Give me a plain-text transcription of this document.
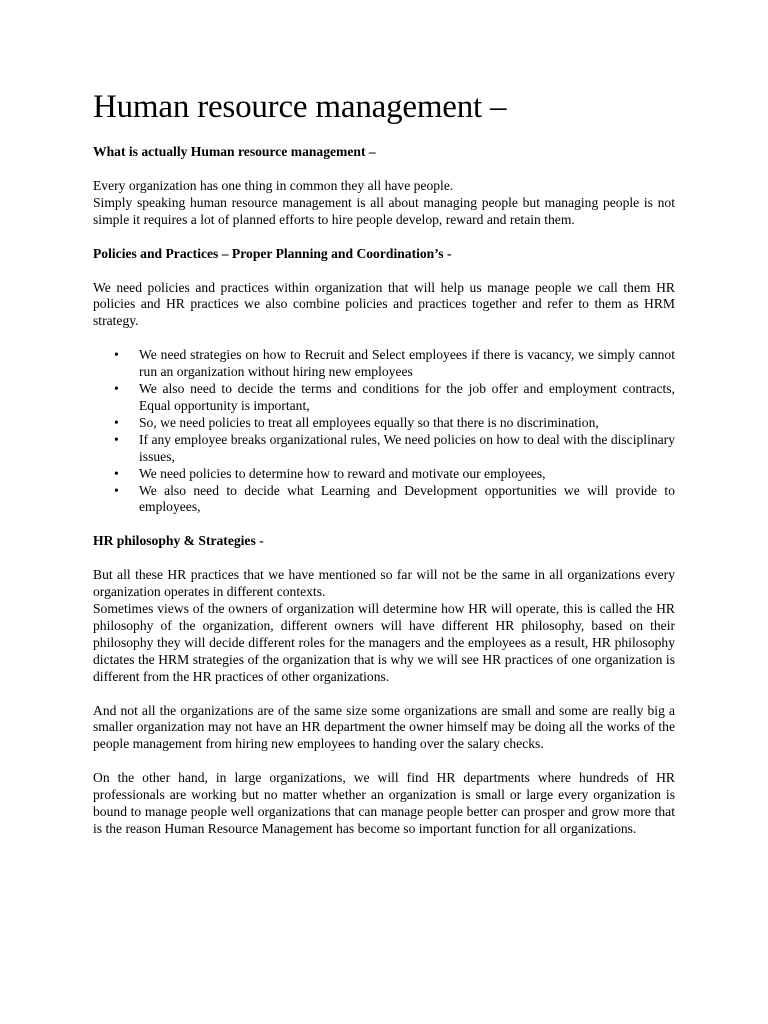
Human resource management –

What is actually Human resource management –

Every organization has one thing in common they all have people.

Simply speaking human resource management is all about managing people but managing people is not simple it requires a lot of planned efforts to hire people develop, reward and retain them.

Policies and Practices – Proper Planning and Coordination’s -

We need policies and practices within organization that will help us manage people we call them HR policies and HR practices we also combine policies and practices together and refer to them as HRM strategy.

• We need strategies on how to Recruit and Select employees if there is vacancy, we simply cannot run an organization without hiring new employees
• We also need to decide the terms and conditions for the job offer and employment contracts, Equal opportunity is important,
• So, we need policies to treat all employees equally so that there is no discrimination,
• If any employee breaks organizational rules, We need policies on how to deal with the disciplinary issues,
• We need policies to determine how to reward and motivate our employees,
• We also need to decide what Learning and Development opportunities we will provide to employees,

HR philosophy & Strategies -

But all these HR practices that we have mentioned so far will not be the same in all organizations every organization operates in different contexts.

Sometimes views of the owners of organization will determine how HR will operate, this is called the HR philosophy of the organization, different owners will have different HR philosophy, based on their philosophy they will decide different roles for the managers and the employees as a result, HR philosophy dictates the HRM strategies of the organization that is why we will see HR practices of one organization is different from the HR practices of other organizations.

And not all the organizations are of the same size some organizations are small and some are really big a smaller organization may not have an HR department the owner himself may be doing all the works of the people management from hiring new employees to handing over the salary checks.

On the other hand, in large organizations, we will find HR departments where hundreds of HR professionals are working but no matter whether an organization is small or large every organization is bound to manage people well organizations that can manage people better can prosper and grow more that is the reason Human Resource Management has become so important function for all organizations.
